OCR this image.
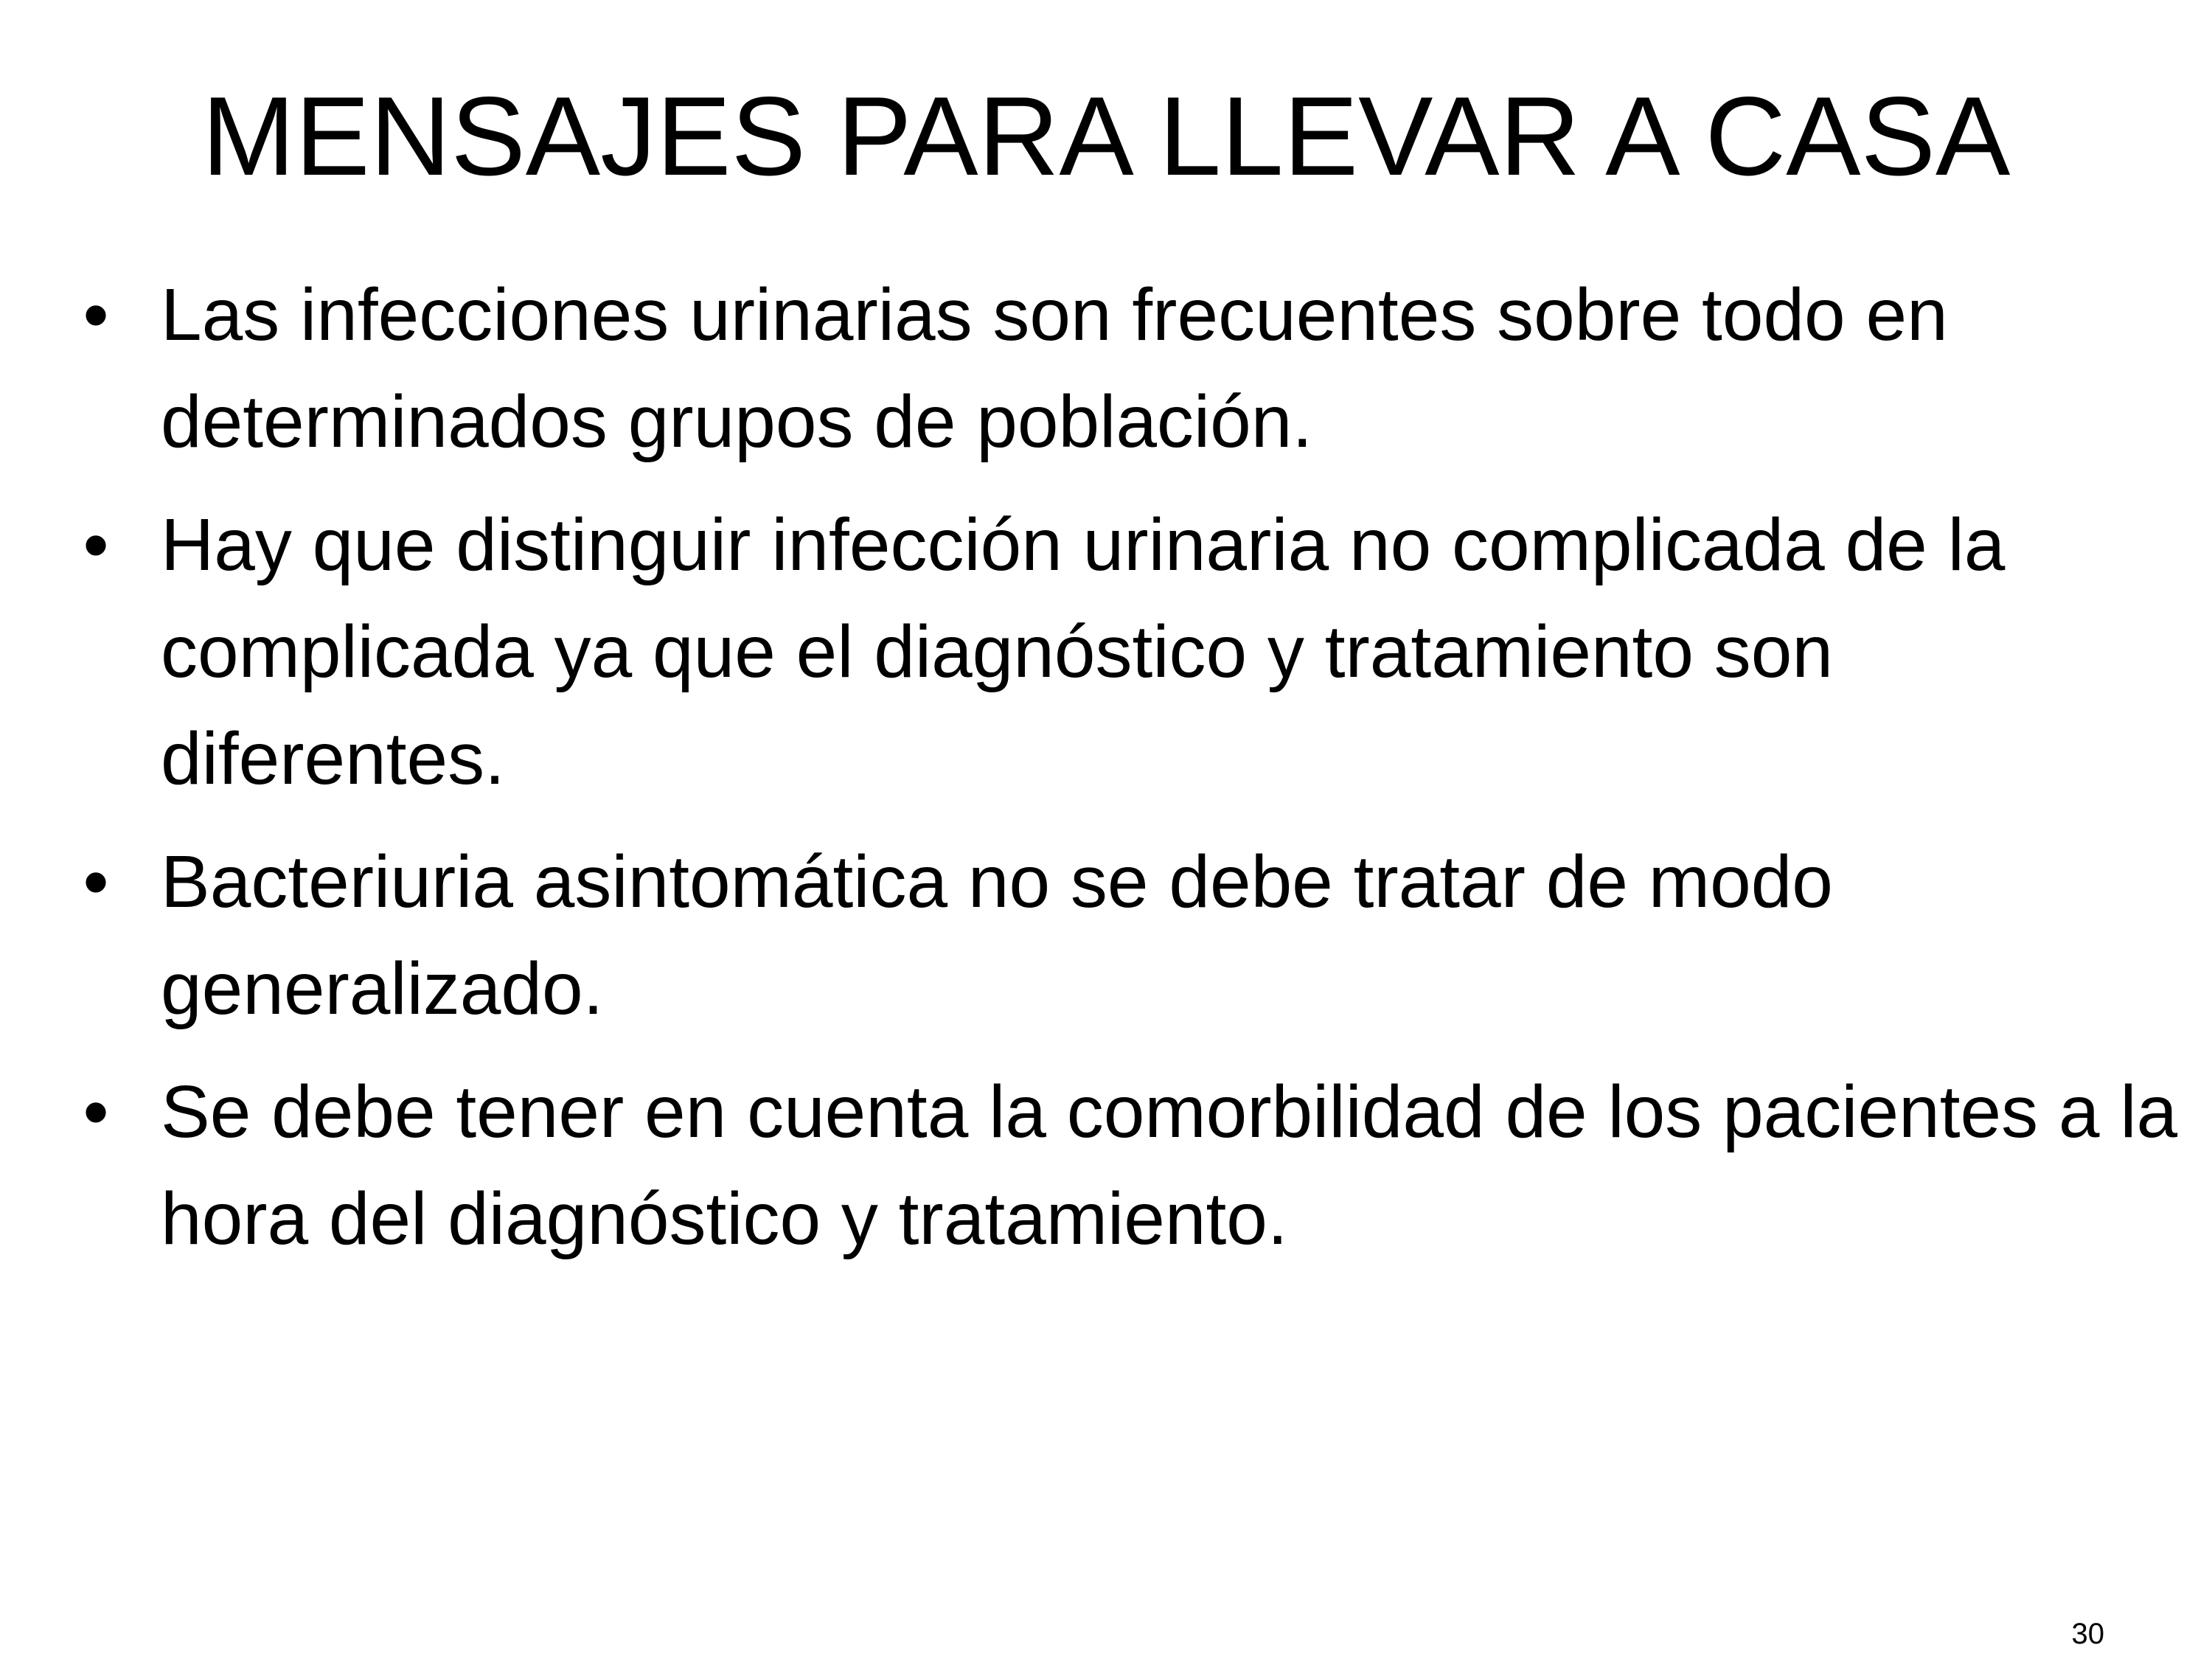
MENSAJES PARA LLEVAR A CASA
• Las infecciones urinarias son frecuentes sobre todo en determinados grupos de población.
• Hay que distinguir infección urinaria no complicada de la complicada ya que el diagnóstico y tratamiento son diferentes.
• Bacteriuria asintomática no se debe tratar de modo generalizado.
• Se debe tener en cuenta la comorbilidad de los pacientes a la hora del diagnóstico y tratamiento.
30
